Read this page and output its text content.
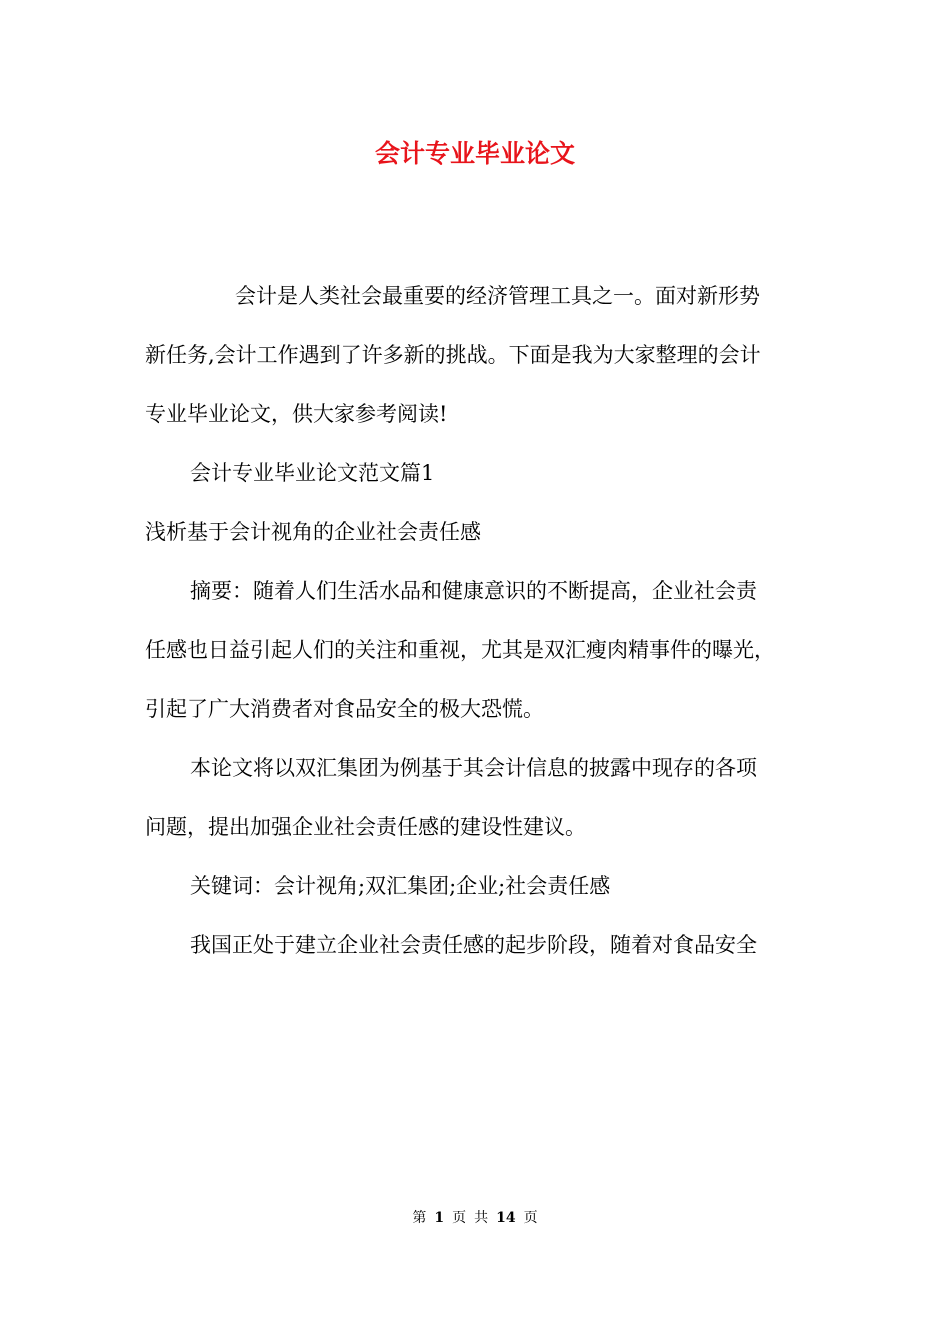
会计专业毕业论文

会计是人类社会最重要的经济管理工具之一。面对新形势
新任务,会计工作遇到了许多新的挑战。下面是我为大家整理的会计
专业毕业论文，供大家参考阅读!

会计专业毕业论文范文篇1

浅析基于会计视角的企业社会责任感

摘要：随着人们生活水品和健康意识的不断提高，企业社会责
任感也日益引起人们的关注和重视，尤其是双汇瘦肉精事件的曝光，
引起了广大消费者对食品安全的极大恐慌。

本论文将以双汇集团为例基于其会计信息的披露中现存的各项
问题，提出加强企业社会责任感的建设性建议。

关键词：会计视角;双汇集团;企业;社会责任感

我国正处于建立企业社会责任感的起步阶段，随着对食品安全

第 1 页 共 14 页
